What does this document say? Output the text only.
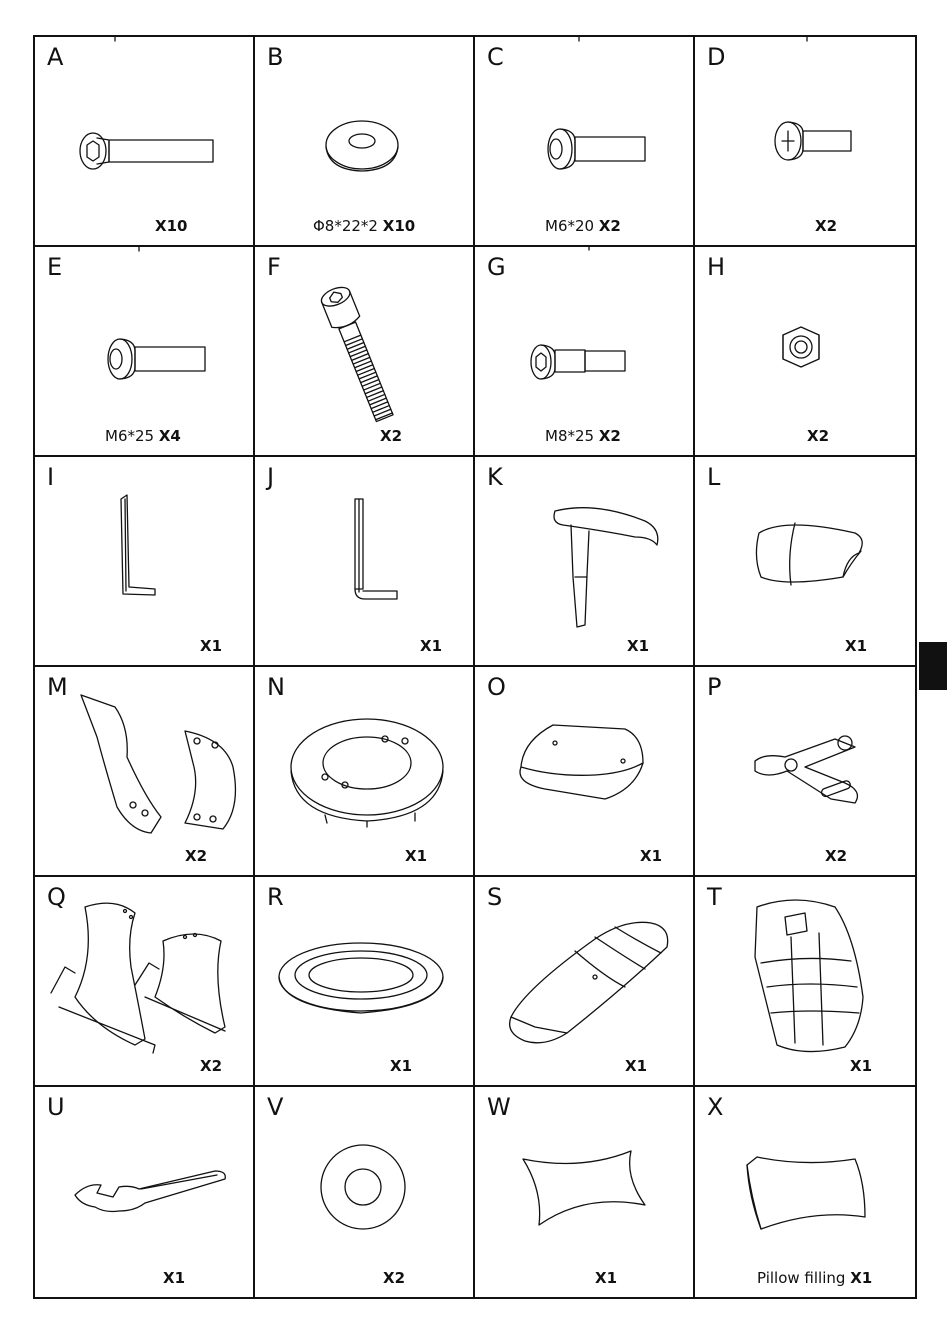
A
X10
B
Φ8*22*2 X10
C
M6*20 X2
D
X2
E
M6*25 X4
F
X2
G
M8*25 X2
H
X2
I
X1
J
X1
K
X1
L
X1
M
X2
N
X1
O
X1
P
X2
Q
X2
R
X1
S
X1
T
X1
U
X1
V
X2
W
X1
X
Pillow filling X1
